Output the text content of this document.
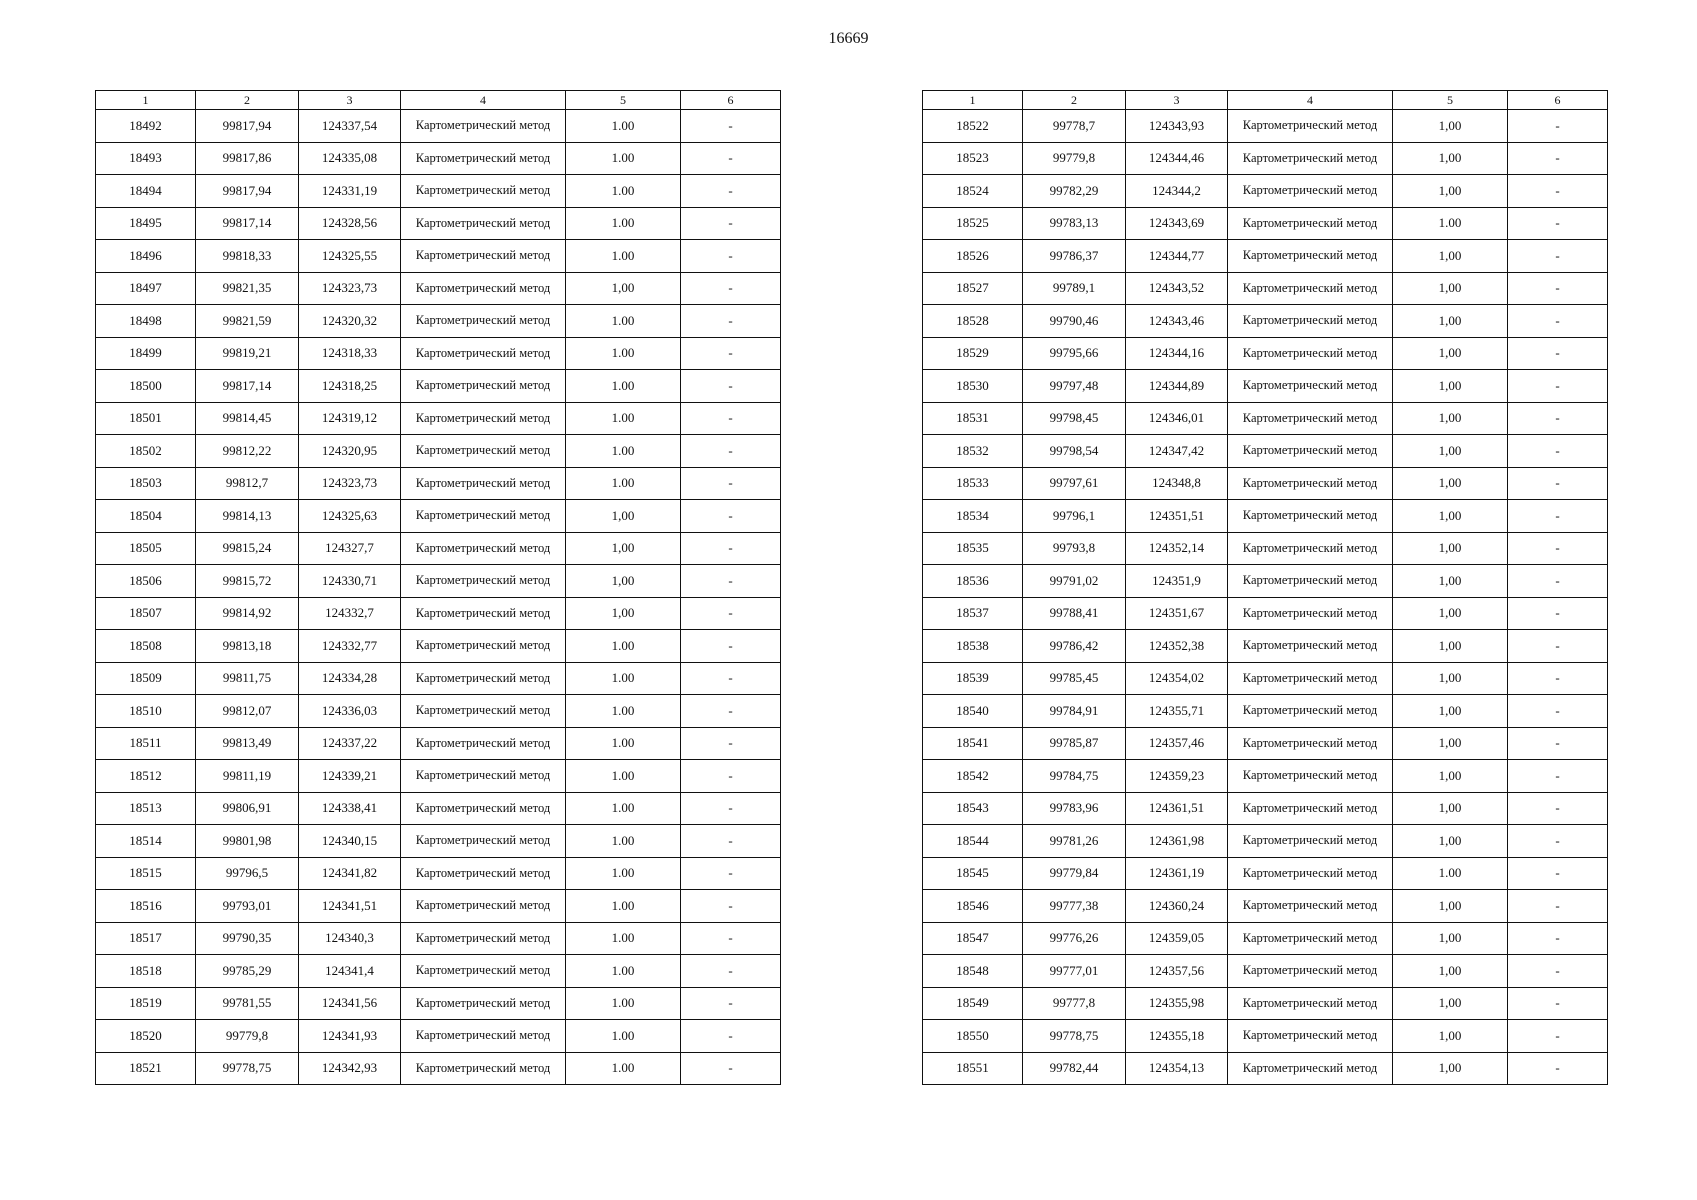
16669
1	2	3	4	5	6
18492	99817,94	124337,54	Картометрический метод	1.00	-
18493	99817,86	124335,08	Картометрический метод	1.00	-
18494	99817,94	124331,19	Картометрический метод	1.00	-
18495	99817,14	124328,56	Картометрический метод	1.00	-
18496	99818,33	124325,55	Картометрический метод	1.00	-
18497	99821,35	124323,73	Картометрический метод	1,00	-
18498	99821,59	124320,32	Картометрический метод	1.00	-
18499	99819,21	124318,33	Картометрический метод	1.00	-
18500	99817,14	124318,25	Картометрический метод	1.00	-
18501	99814,45	124319,12	Картометрический метод	1.00	-
18502	99812,22	124320,95	Картометрический метод	1.00	-
18503	99812,7	124323,73	Картометрический метод	1.00	-
18504	99814,13	124325,63	Картометрический метод	1,00	-
18505	99815,24	124327,7	Картометрический метод	1,00	-
18506	99815,72	124330,71	Картометрический метод	1,00	-
18507	99814,92	124332,7	Картометрический метод	1,00	-
18508	99813,18	124332,77	Картометрический метод	1.00	-
18509	99811,75	124334,28	Картометрический метод	1.00	-
18510	99812,07	124336,03	Картометрический метод	1.00	-
18511	99813,49	124337,22	Картометрический метод	1.00	-
18512	99811,19	124339,21	Картометрический метод	1.00	-
18513	99806,91	124338,41	Картометрический метод	1.00	-
18514	99801,98	124340,15	Картометрический метод	1.00	-
18515	99796,5	124341,82	Картометрический метод	1.00	-
18516	99793,01	124341,51	Картометрический метод	1.00	-
18517	99790,35	124340,3	Картометрический метод	1.00	-
18518	99785,29	124341,4	Картометрический метод	1.00	-
18519	99781,55	124341,56	Картометрический метод	1.00	-
18520	99779,8	124341,93	Картометрический метод	1.00	-
18521	99778,75	124342,93	Картометрический метод	1.00	-
1	2	3	4	5	6
18522	99778,7	124343,93	Картометрический метод	1,00	-
18523	99779,8	124344,46	Картометрический метод	1,00	-
18524	99782,29	124344,2	Картометрический метод	1,00	-
18525	99783,13	124343,69	Картометрический метод	1.00	-
18526	99786,37	124344,77	Картометрический метод	1,00	-
18527	99789,1	124343,52	Картометрический метод	1,00	-
18528	99790,46	124343,46	Картометрический метод	1,00	-
18529	99795,66	124344,16	Картометрический метод	1,00	-
18530	99797,48	124344,89	Картометрический метод	1,00	-
18531	99798,45	124346,01	Картометрический метод	1,00	-
18532	99798,54	124347,42	Картометрический метод	1,00	-
18533	99797,61	124348,8	Картометрический метод	1,00	-
18534	99796,1	124351,51	Картометрический метод	1,00	-
18535	99793,8	124352,14	Картометрический метод	1,00	-
18536	99791,02	124351,9	Картометрический метод	1,00	-
18537	99788,41	124351,67	Картометрический метод	1,00	-
18538	99786,42	124352,38	Картометрический метод	1,00	-
18539	99785,45	124354,02	Картометрический метод	1,00	-
18540	99784,91	124355,71	Картометрический метод	1,00	-
18541	99785,87	124357,46	Картометрический метод	1,00	-
18542	99784,75	124359,23	Картометрический метод	1,00	-
18543	99783,96	124361,51	Картометрический метод	1,00	-
18544	99781,26	124361,98	Картометрический метод	1,00	-
18545	99779,84	124361,19	Картометрический метод	1.00	-
18546	99777,38	124360,24	Картометрический метод	1,00	-
18547	99776,26	124359,05	Картометрический метод	1,00	-
18548	99777,01	124357,56	Картометрический метод	1,00	-
18549	99777,8	124355,98	Картометрический метод	1,00	-
18550	99778,75	124355,18	Картометрический метод	1,00	-
18551	99782,44	124354,13	Картометрический метод	1,00	-
